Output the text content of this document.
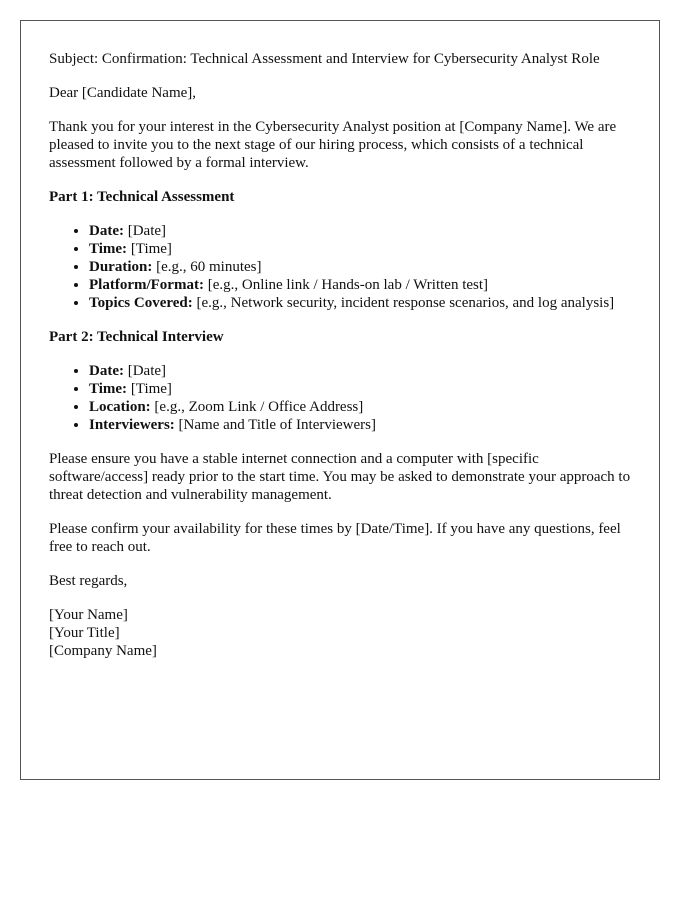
Subject: Confirmation: Technical Assessment and Interview for Cybersecurity Analyst Role

Dear [Candidate Name],

Thank you for your interest in the Cybersecurity Analyst position at [Company Name]. We are pleased to invite you to the next stage of our hiring process, which consists of a technical assessment followed by a formal interview.

Part 1: Technical Assessment
• Date: [Date]
• Time: [Time]
• Duration: [e.g., 60 minutes]
• Platform/Format: [e.g., Online link / Hands-on lab / Written test]
• Topics Covered: [e.g., Network security, incident response scenarios, and log analysis]
Part 2: Technical Interview
• Date: [Date]
• Time: [Time]
• Location: [e.g., Zoom Link / Office Address]
• Interviewers: [Name and Title of Interviewers]

Please ensure you have a stable internet connection and a computer with [specific software/access] ready prior to the start time. You may be asked to demonstrate your approach to threat detection and vulnerability management.

Please confirm your availability for these times by [Date/Time]. If you have any questions, feel free to reach out.

Best regards,

[Your Name]
[Your Title]
[Company Name]
